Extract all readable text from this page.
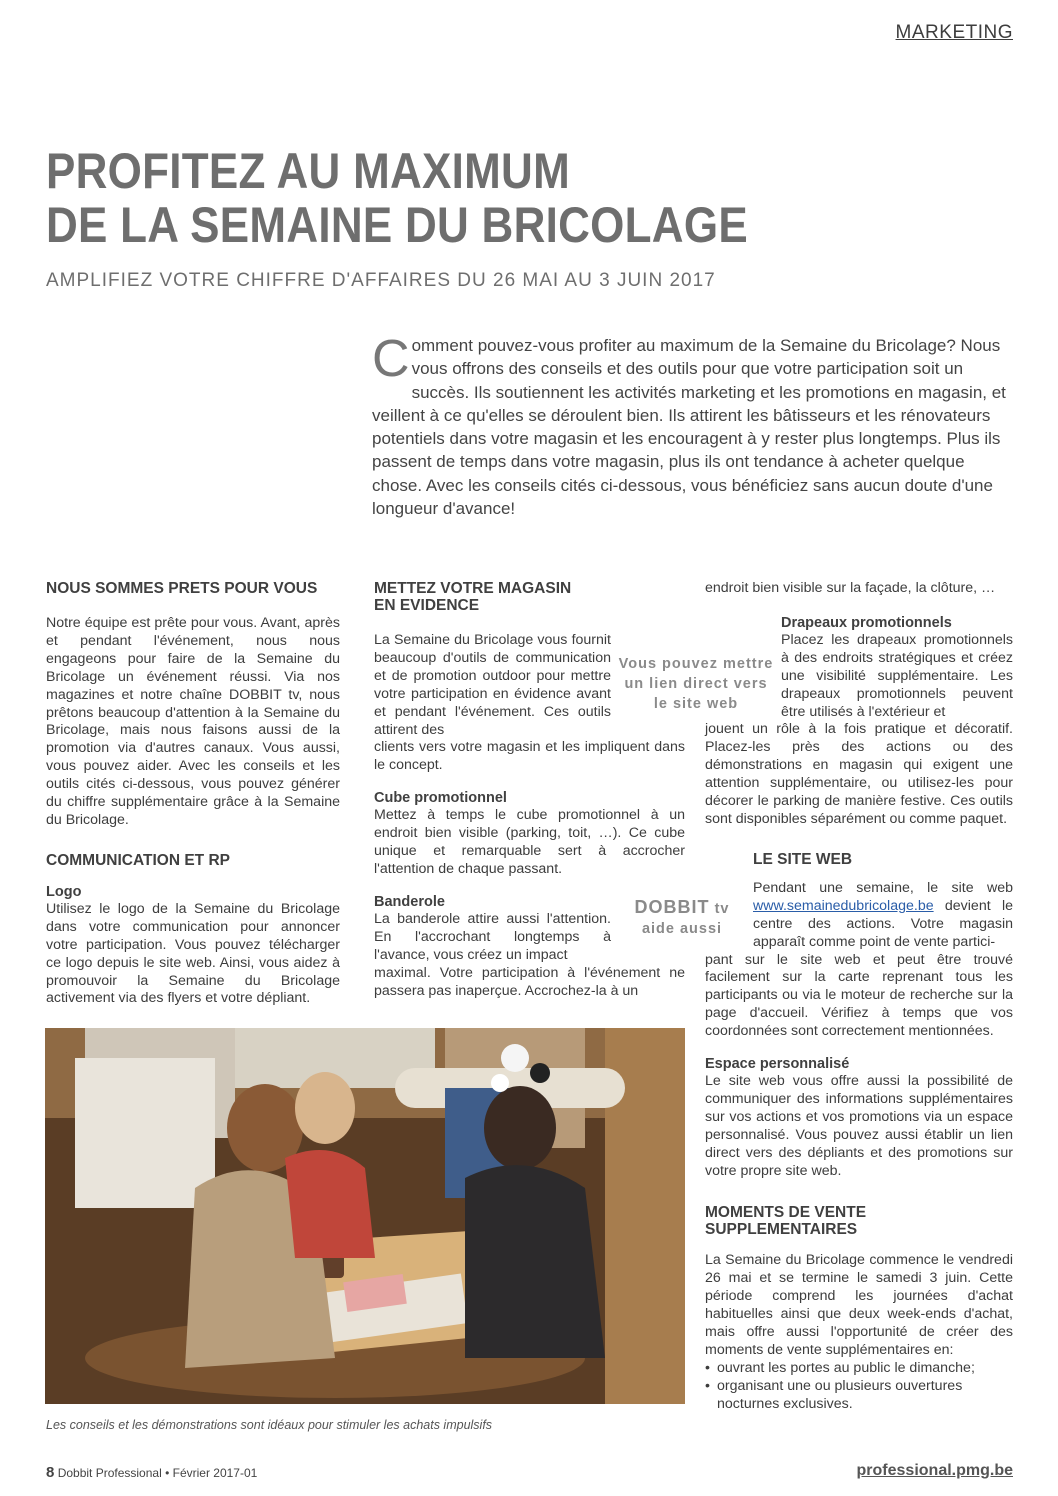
MARKETING
PROFITEZ AU MAXIMUM
DE LA SEMAINE DU BRICOLAGE
AMPLIFIEZ VOTRE CHIFFRE D'AFFAIRES DU 26 MAI AU 3 JUIN 2017
Comment pouvez-vous profiter au maximum de la Semaine du Bricolage? Nous vous offrons des conseils et des outils pour que votre participation soit un succès. Ils soutiennent les activités marketing et les promotions en magasin, et veillent à ce qu'elles se déroulent bien. Ils attirent les bâtisseurs et les rénovateurs potentiels dans votre magasin et les encouragent à y rester plus longtemps. Plus ils passent de temps dans votre magasin, plus ils ont tendance à acheter quelque chose. Avec les conseils cités ci-dessous, vous bénéficiez sans aucun doute d'une longueur d'avance!
NOUS SOMMES PRETS POUR VOUS

Notre équipe est prête pour vous. Avant, après et pendant l'événement, nous nous engageons pour faire de la Semaine du Bricolage un événement réussi. Via nos magazines et notre chaîne DOBBIT tv, nous prêtons beaucoup d'attention à la Semaine du Bricolage, mais nous faisons aussi de la promotion via d'autres canaux. Vous aussi, vous pouvez aider. Avec les conseils et les outils cités ci-dessous, vous pouvez générer du chiffre supplémentaire grâce à la Semaine du Bricolage.

COMMUNICATION ET RP
Logo

Utilisez le logo de la Semaine du Bricolage dans votre communication pour annoncer votre participation. Vous pouvez télécharger ce logo depuis le site web. Ainsi, vous aidez à promouvoir la Semaine du Bricolage activement via des flyers et votre dépliant.

METTEZ VOTRE MAGASIN EN EVIDENCE

La Semaine du Bricolage vous fournit beaucoup d'outils de communication et de promotion outdoor pour mettre votre participation en évidence avant et pendant l'événement. Ces outils attirent des

clients vers votre magasin et les impliquent dans le concept.

Cube promotionnel

Mettez à temps le cube promotionnel à un endroit bien visible (parking, toit, …). Ce cube unique et remarquable sert à accrocher l'attention de chaque passant.

Banderole

La banderole attire aussi l'attention. En l'accrochant longtemps à l'avance, vous créez un impact

maximal. Votre participation à l'événement ne passera pas inaperçue. Accrochez-la à un

Vous pouvez mettre
un lien direct vers
le site web
DOBBIT tv
aide aussi

endroit bien visible sur la façade, la clôture, …

Drapeaux promotionnels

Placez les drapeaux promotionnels à des endroits stratégiques et créez une visibilité supplémentaire. Les drapeaux promotionnels peuvent être utilisés à l'extérieur et

jouent un rôle à la fois pratique et décoratif. Placez-les près des actions ou des démonstrations en magasin qui exigent une attention supplémentaire, ou utilisez-les pour décorer le parking de manière festive. Ces outils sont disponibles séparément ou comme paquet.

LE SITE WEB

Pendant une semaine, le site web www.semainedubricolage.be devient le centre des actions. Votre magasin apparaît comme point de vente partici-

pant sur le site web et peut être trouvé facilement sur la carte reprenant tous les participants ou via le moteur de recherche sur la page d'accueil. Vérifiez à temps que vos coordonnées sont correctement mentionnées.

Espace personnalisé

Le site web vous offre aussi la possibilité de communiquer des informations supplémentaires sur vos actions et vos promotions via un espace personnalisé. Vous pouvez aussi établir un lien direct vers des dépliants et des promotions sur votre propre site web.

MOMENTS DE VENTE SUPPLEMENTAIRES

La Semaine du Bricolage commence le vendredi 26 mai et se termine le samedi 3 juin. Cette période comprend les journées d'achat habituelles ainsi que deux week-ends d'achat, mais offre aussi l'opportunité de créer des moments de vente supplémentaires en:

• ouvrant les portes au public le dimanche;
• organisant une ou plusieurs ouvertures nocturnes exclusives.
Les conseils et les démonstrations sont idéaux pour stimuler les achats impulsifs
8 Dobbit Professional • Février 2017-01	professional.pmg.be
